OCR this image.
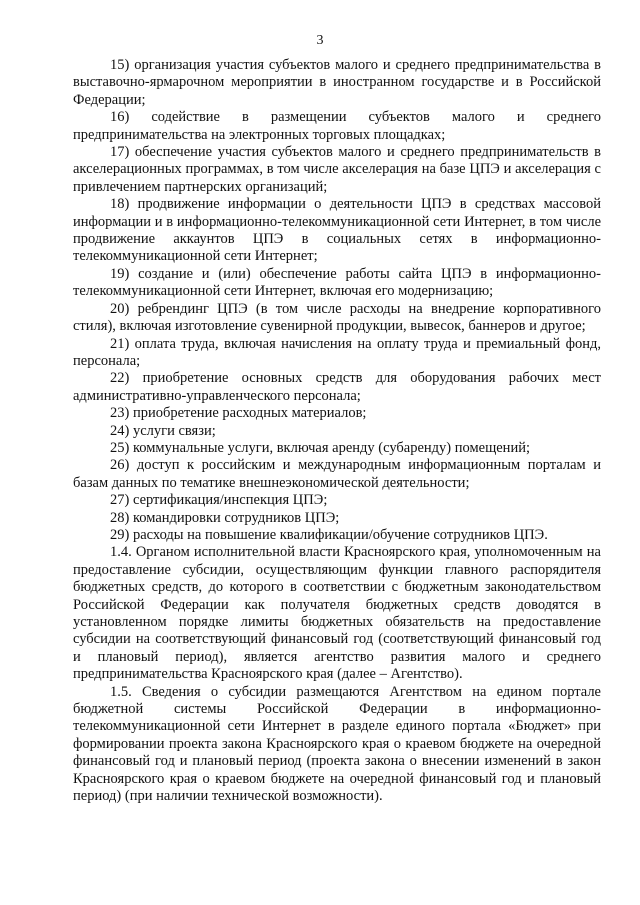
3

15) организация участия субъектов малого и среднего предпринимательства в выставочно-ярмарочном мероприятии в иностранном государстве и в Российской Федерации;

16) содействие в размещении субъектов малого и среднего предпринимательства на электронных торговых площадках;

17) обеспечение участия субъектов малого и среднего предпринимательств в акселерационных программах, в том числе акселерация на базе ЦПЭ и акселерация с привлечением партнерских организаций;

18) продвижение информации о деятельности ЦПЭ в средствах массовой информации и в информационно-телекоммуникационной сети Интернет, в том числе продвижение аккаунтов ЦПЭ в социальных сетях в информационно-телекоммуникационной сети Интернет;

19) создание и (или) обеспечение работы сайта ЦПЭ в информационно-телекоммуникационной сети Интернет, включая его модернизацию;

20) ребрендинг ЦПЭ (в том числе расходы на внедрение корпоративного стиля), включая изготовление сувенирной продукции, вывесок, баннеров и другое;

21) оплата труда, включая начисления на оплату труда и премиальный фонд, персонала;

22) приобретение основных средств для оборудования рабочих мест административно-управленческого персонала;

23) приобретение расходных материалов;

24) услуги связи;

25) коммунальные услуги, включая аренду (субаренду) помещений;

26) доступ к российским и международным информационным порталам и базам данных по тематике внешнеэкономической деятельности;

27) сертификация/инспекция ЦПЭ;

28) командировки сотрудников ЦПЭ;

29) расходы на повышение квалификации/обучение сотрудников ЦПЭ.

1.4. Органом исполнительной власти Красноярского края, уполномоченным на предоставление субсидии, осуществляющим функции главного распорядителя бюджетных средств, до которого в соответствии с бюджетным законодательством Российской Федерации как получателя бюджетных средств доводятся в установленном порядке лимиты бюджетных обязательств на предоставление субсидии на соответствующий финансовый год (соответствующий финансовый год и плановый период), является агентство развития малого и среднего предпринимательства Красноярского края (далее – Агентство).

1.5. Сведения о субсидии размещаются Агентством на едином портале бюджетной системы Российской Федерации в информационно-телекоммуникационной сети Интернет в разделе единого портала «Бюджет» при формировании проекта закона Красноярского края о краевом бюджете на очередной финансовый год и плановый период (проекта закона о внесении изменений в закон Красноярского края о краевом бюджете на очередной финансовый год и плановый период) (при наличии технической возможности).
